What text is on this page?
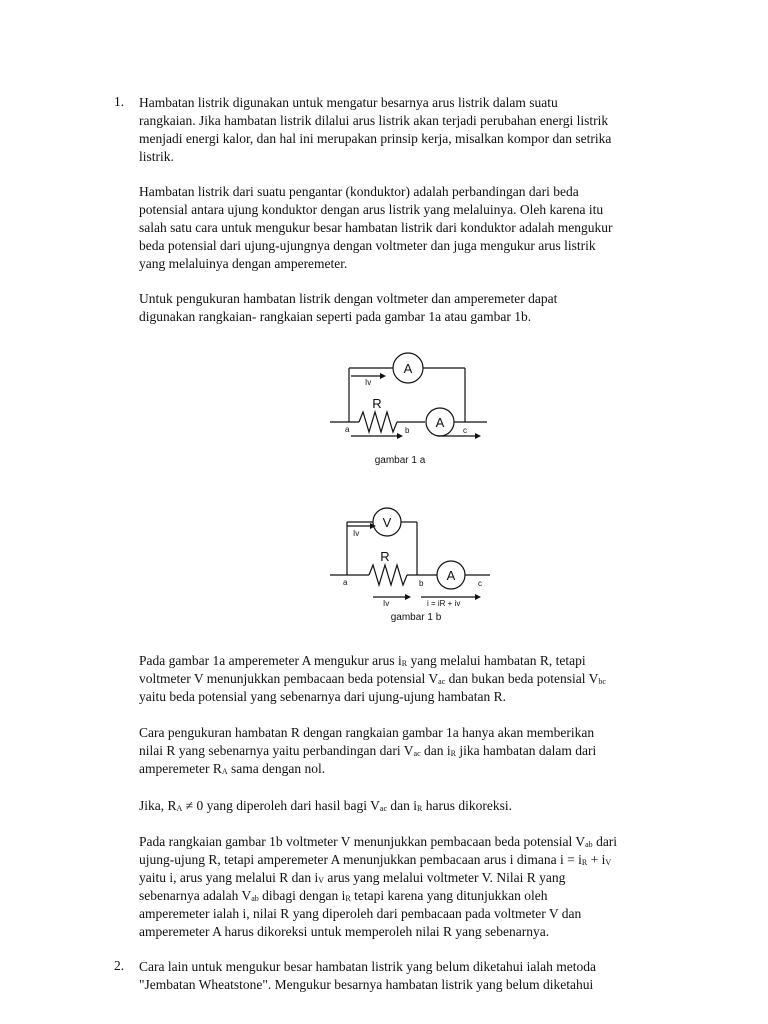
1. Hambatan listrik digunakan untuk mengatur besarnya arus listrik dalam suatu
rangkaian. Jika hambatan listrik dilalui arus listrik akan terjadi perubahan energi listrik
menjadi energi kalor, dan hal ini merupakan prinsip kerja, misalkan kompor dan setrika
listrik.

Hambatan listrik dari suatu pengantar (konduktor) adalah perbandingan dari beda
potensial antara ujung konduktor dengan arus listrik yang melaluinya. Oleh karena itu
salah satu cara untuk mengukur besar hambatan listrik dari konduktor adalah mengukur
beda potensial dari ujung-ujungnya dengan voltmeter dan juga mengukur arus listrik
yang melaluinya dengan amperemeter.

Untuk pengukuran hambatan listrik dengan voltmeter dan amperemeter dapat
digunakan rangkaian- rangkaian seperti pada gambar 1a atau gambar 1b.

A
A
R
Iv
a	b	c
gambar 1 a
V
A
R
Iv
Iv	i = iR + iv
a	b	c
gambar 1 b

Pada gambar 1a amperemeter A mengukur arus $i_R$ yang melalui hambatan R, tetapi
voltmeter V menunjukkan pembacaan beda potensial $V_{ac}$ dan bukan beda potensial $V_{bc}$
yaitu beda potensial yang sebenarnya dari ujung-ujung hambatan R.

Cara pengukuran hambatan R dengan rangkaian gambar 1a hanya akan memberikan
nilai R yang sebenarnya yaitu perbandingan dari $V_{ac}$ dan $i_R$ jika hambatan dalam dari
amperemeter $R_A$ sama dengan nol.

Jika, $R_A \ne 0$ yang diperoleh dari hasil bagi $V_{ac}$ dan $i_R$ harus dikoreksi.

Pada rangkaian gambar 1b voltmeter V menunjukkan pembacaan beda potensial $V_{ab}$ dari
ujung-ujung R, tetapi amperemeter A menunjukkan pembacaan arus i dimana $i = i_R + i_V$
yaitu i, arus yang melalui R dan $i_V$ arus yang melalui voltmeter V. Nilai R yang
sebenarnya adalah $V_{ab}$ dibagi dengan $i_R$ tetapi karena yang ditunjukkan oleh
amperemeter ialah i, nilai R yang diperoleh dari pembacaan pada voltmeter V dan
amperemeter A harus dikoreksi untuk memperoleh nilai R yang sebenarnya.

2. Cara lain untuk mengukur besar hambatan listrik yang belum diketahui ialah metoda
"Jembatan Wheatstone". Mengukur besarnya hambatan listrik yang belum diketahui
